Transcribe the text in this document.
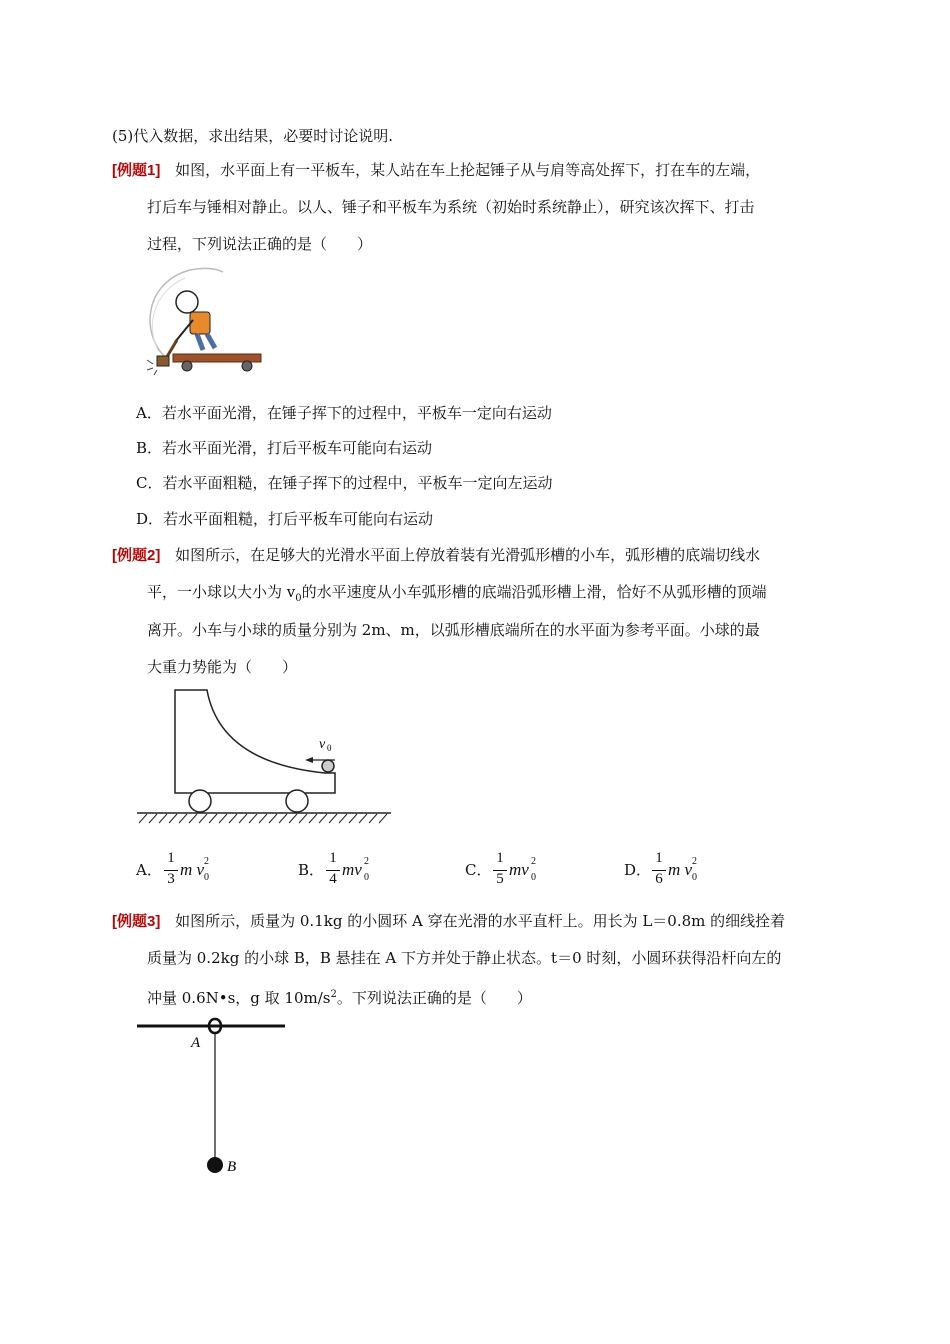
(5)代入数据，求出结果，必要时讨论说明.
[例题1] 如图，水平面上有一平板车，某人站在车上抡起锤子从与肩等高处挥下，打在车的左端，
打后车与锤相对静止。以人、锤子和平板车为系统（初始时系统静止），研究该次挥下、打击
过程，下列说法正确的是（　　）
A．若水平面光滑，在锤子挥下的过程中，平板车一定向右运动
B．若水平面光滑，打后平板车可能向右运动
C．若水平面粗糙，在锤子挥下的过程中，平板车一定向左运动
D．若水平面粗糙，打后平板车可能向右运动
[例题2] 如图所示，在足够大的光滑水平面上停放着装有光滑弧形槽的小车，弧形槽的底端切线水
平，一小球以大小为 $v_0$的水平速度从小车弧形槽的底端沿弧形槽上滑，恰好不从弧形槽的顶端
离开。小车与小球的质量分别为 2m、m，以弧形槽底端所在的水平面为参考平面。小球的最
大重力势能为（　　）
v 0
A．
1
3 m v 2
0	B．
1
4 mv 2
0	C．
1
5 mv 2
0	D．
1
6 m v 2
0
[例题3] 如图所示，质量为 0.1kg 的小圆环 A 穿在光滑的水平直杆上。用长为 L＝0.8m 的细线拴着
质量为 0.2kg 的小球 B，B 悬挂在 A 下方并处于静止状态。t＝0 时刻，小圆环获得沿杆向左的
冲量 0.6N•s，g 取 $10m/s^2$。下列说法正确的是（　　）
A
B
